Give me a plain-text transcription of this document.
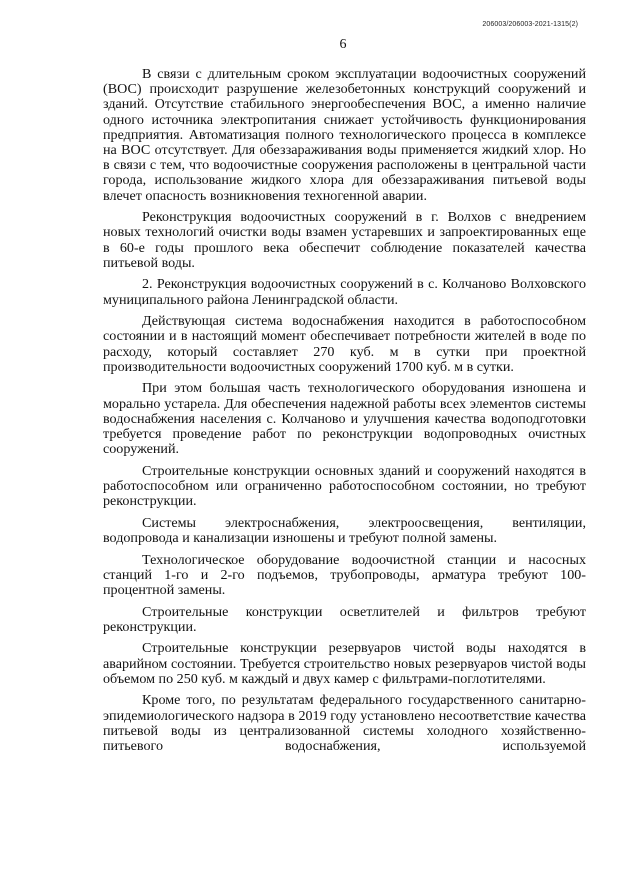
206003/206003-2021-1315(2)
6

В связи с длительным сроком эксплуатации водоочистных сооружений (ВОС) происходит разрушение железобетонных конструкций сооружений и зданий. Отсутствие стабильного энергообеспечения ВОС, а именно наличие одного источника электропитания снижает устойчивость функционирования предприятия. Автоматизация полного технологического процесса в комплексе на ВОС отсутствует. Для обеззараживания воды применяется жидкий хлор. Но в связи с тем, что водоочистные сооружения расположены в центральной части города, использование жидкого хлора для обеззараживания питьевой воды влечет опасность возникновения техногенной аварии.

Реконструкция водоочистных сооружений в г. Волхов с внедрением новых технологий очистки воды взамен устаревших и запроектированных еще в 60-е годы прошлого века обеспечит соблюдение показателей качества питьевой воды.

2. Реконструкция водоочистных сооружений в с. Колчаново Волховского муниципального района Ленинградской области.

Действующая система водоснабжения находится в работоспособном состоянии и в настоящий момент обеспечивает потребности жителей в воде по расходу, который составляет 270 куб. м в сутки при проектной производительности водоочистных сооружений 1700 куб. м в сутки.

При этом большая часть технологического оборудования изношена и морально устарела. Для обеспечения надежной работы всех элементов системы водоснабжения населения с. Колчаново и улучшения качества водоподготовки требуется проведение работ по реконструкции водопроводных очистных сооружений.

Строительные конструкции основных зданий и сооружений находятся в работоспособном или ограниченно работоспособном состоянии, но требуют реконструкции.

Системы электроснабжения, электроосвещения, вентиляции, водопровода и канализации изношены и требуют полной замены.

Технологическое оборудование водоочистной станции и насосных станций 1-го и 2-го подъемов, трубопроводы, арматура требуют 100-процентной замены.

Строительные конструкции осветлителей и фильтров требуют реконструкции.

Строительные конструкции резервуаров чистой воды находятся в аварийном состоянии. Требуется строительство новых резервуаров чистой воды объемом по 250 куб. м каждый и двух камер с фильтрами-поглотителями.

Кроме того, по результатам федерального государственного санитарно-эпидемиологического надзора в 2019 году установлено несоответствие качества питьевой воды из централизованной системы холодного хозяйственно-питьевого водоснабжения, используемой
